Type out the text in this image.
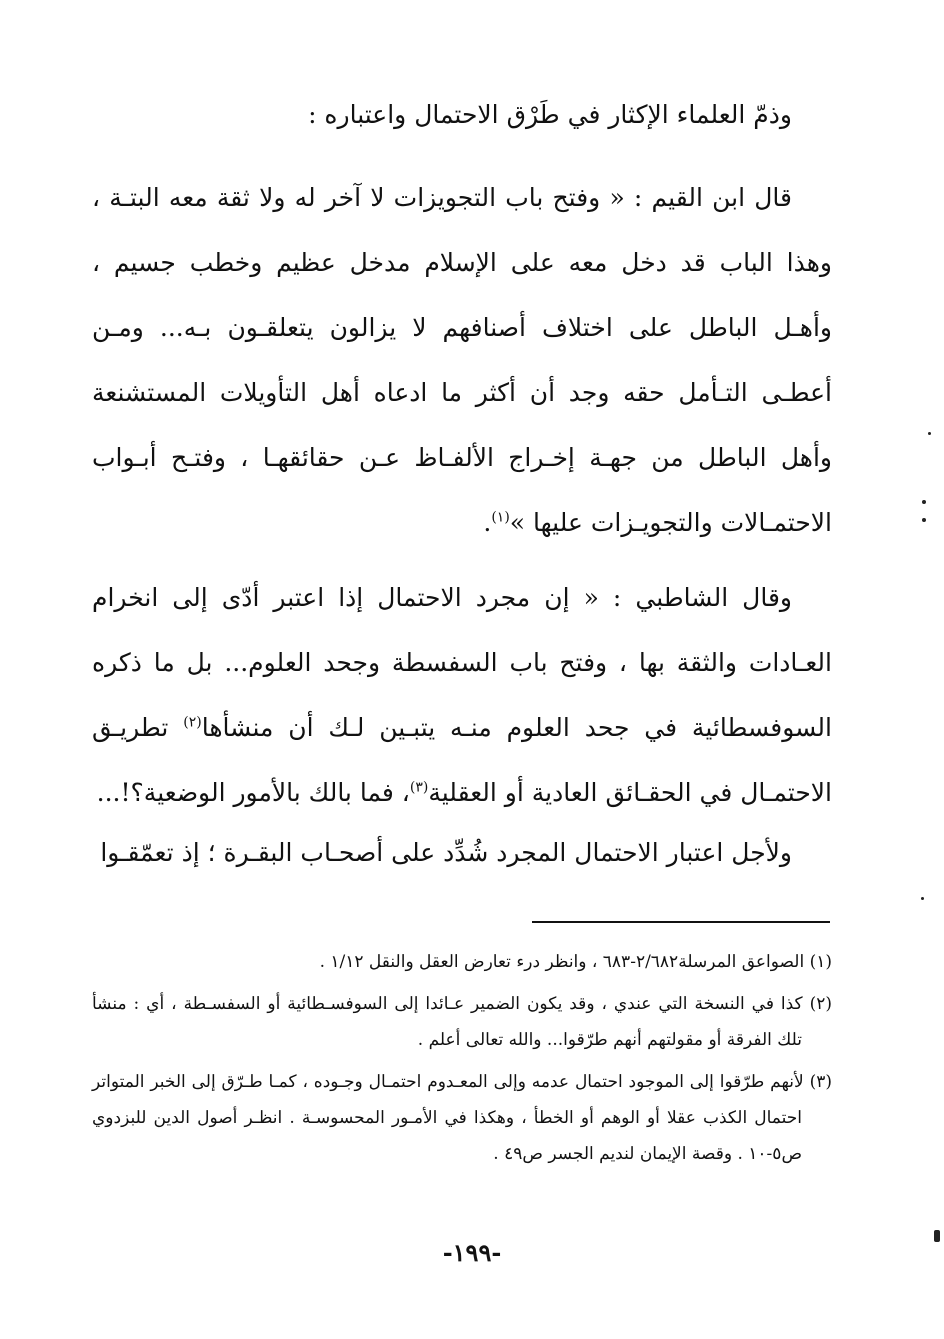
وذمّ العلماء الإكثار في طَرْق الاحتمال واعتباره :
قال ابن القيم : « وفتح باب التجويزات لا آخر له ولا ثقة معه البتـة ، وهذا الباب قد دخل معه على الإسلام مدخل عظيم وخطب جسيم ، وأهـل الباطل على اختلاف أصنافهم لا يزالون يتعلقـون بـه... ومـن أعطـى التـأمل حقه وجد أن أكثر ما ادعاه أهل التأويلات المستشنعة وأهل الباطل من جهـة إخـراج الألفـاظ عـن حقائقهـا ، وفتـح أبـواب الاحتمـالات والتجويـزات عليها »$^{(١)}$.
وقال الشاطبي : « إن مجرد الاحتمال إذا اعتبر أدّى إلى انخرام العـادات والثقة بها ، وفتح باب السفسطة وجحد العلوم... بل ما ذكره السوفسطائية في جحد العلوم منـه يتبـين لـك أن منشأها$^{(٢)}$ تطريـق الاحتمـال في الحقـائق العادية أو العقلية$^{(٣)}$، فما بالك بالأمور الوضعية؟!...
ولأجل اعتبار الاحتمال المجرد شُدِّد على أصحـاب البقـرة ؛ إذ تعمّقـوا
(١) الصواعق المرسلة٢/٦٨٢-٦٨٣ ، وانظر درء تعارض العقل والنقل ١/١٢ .
(٢) كذا في النسخة التي عندي ، وقد يكون الضمير عـائدا إلى السوفسـطائية أو السفسـطة ، أي : منشأ تلك الفرقة أو مقولتهم أنهم طرّقوا... والله تعالى أعلم .
(٣) لأنهم طرّقوا إلى الموجود احتمال عدمه وإلى المعـدوم احتمـال وجـوده ، كمـا طـرّق إلى الخبر المتواتر احتمال الكذب عقلا أو الوهم أو الخطأ ، وهكذا في الأمـور المحسوسـة . انظـر أصول الدين للبزدوي ص٥-١٠ . وقصة الإيمان لنديم الجسر ص٤٩ .
-١٩٩-
